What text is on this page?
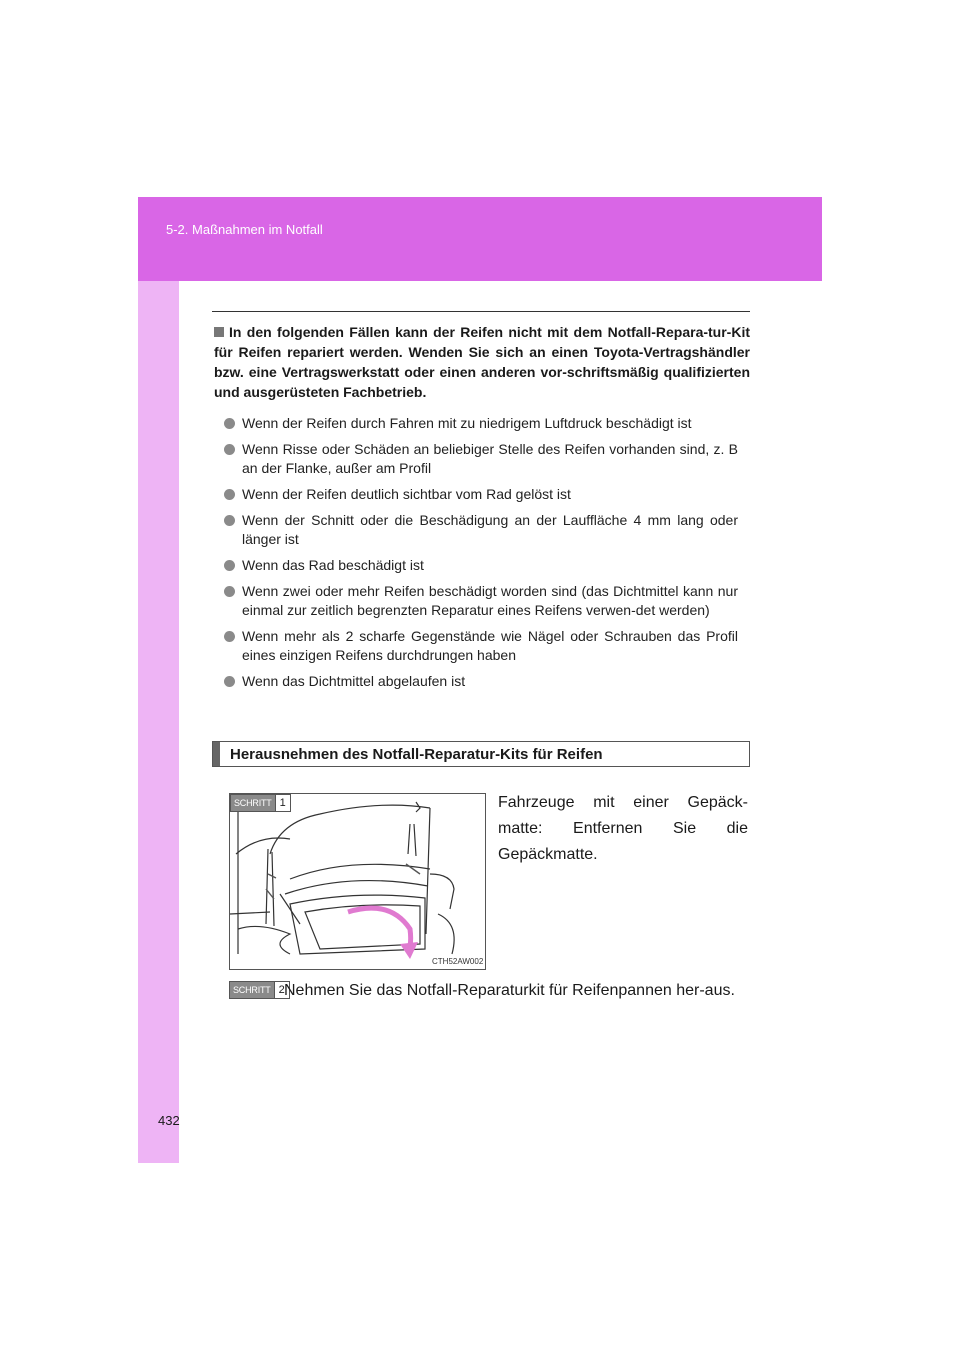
5-2. Maßnahmen im Notfall
432
In den folgenden Fällen kann der Reifen nicht mit dem Notfall-Repara-tur-Kit für Reifen repariert werden. Wenden Sie sich an einen Toyota-Vertragshändler bzw. eine Vertragswerkstatt oder einen anderen vor-schriftsmäßig qualifizierten und ausgerüsteten Fachbetrieb.
Wenn der Reifen durch Fahren mit zu niedrigem Luftdruck beschädigt ist
Wenn Risse oder Schäden an beliebiger Stelle des Reifen vorhanden sind, z. B an der Flanke, außer am Profil
Wenn der Reifen deutlich sichtbar vom Rad gelöst ist
Wenn der Schnitt oder die Beschädigung an der Lauffläche 4 mm lang oder länger ist
Wenn das Rad beschädigt ist
Wenn zwei oder mehr Reifen beschädigt worden sind (das Dichtmittel kann nur einmal zur zeitlich begrenzten Reparatur eines Reifens verwen-det werden)
Wenn mehr als 2 scharfe Gegenstände wie Nägel oder Schrauben das Profil eines einzigen Reifens durchdrungen haben
Wenn das Dichtmittel abgelaufen ist
Herausnehmen des Notfall-Reparatur-Kits für Reifen
CTH52AW002
SCHRITT 1	Fahrzeuge mit einer Gepäck-matte: Entfernen Sie die Gepäckmatte.
SCHRITT 2 Nehmen Sie das Notfall-Reparaturkit für Reifenpannen her-aus.
